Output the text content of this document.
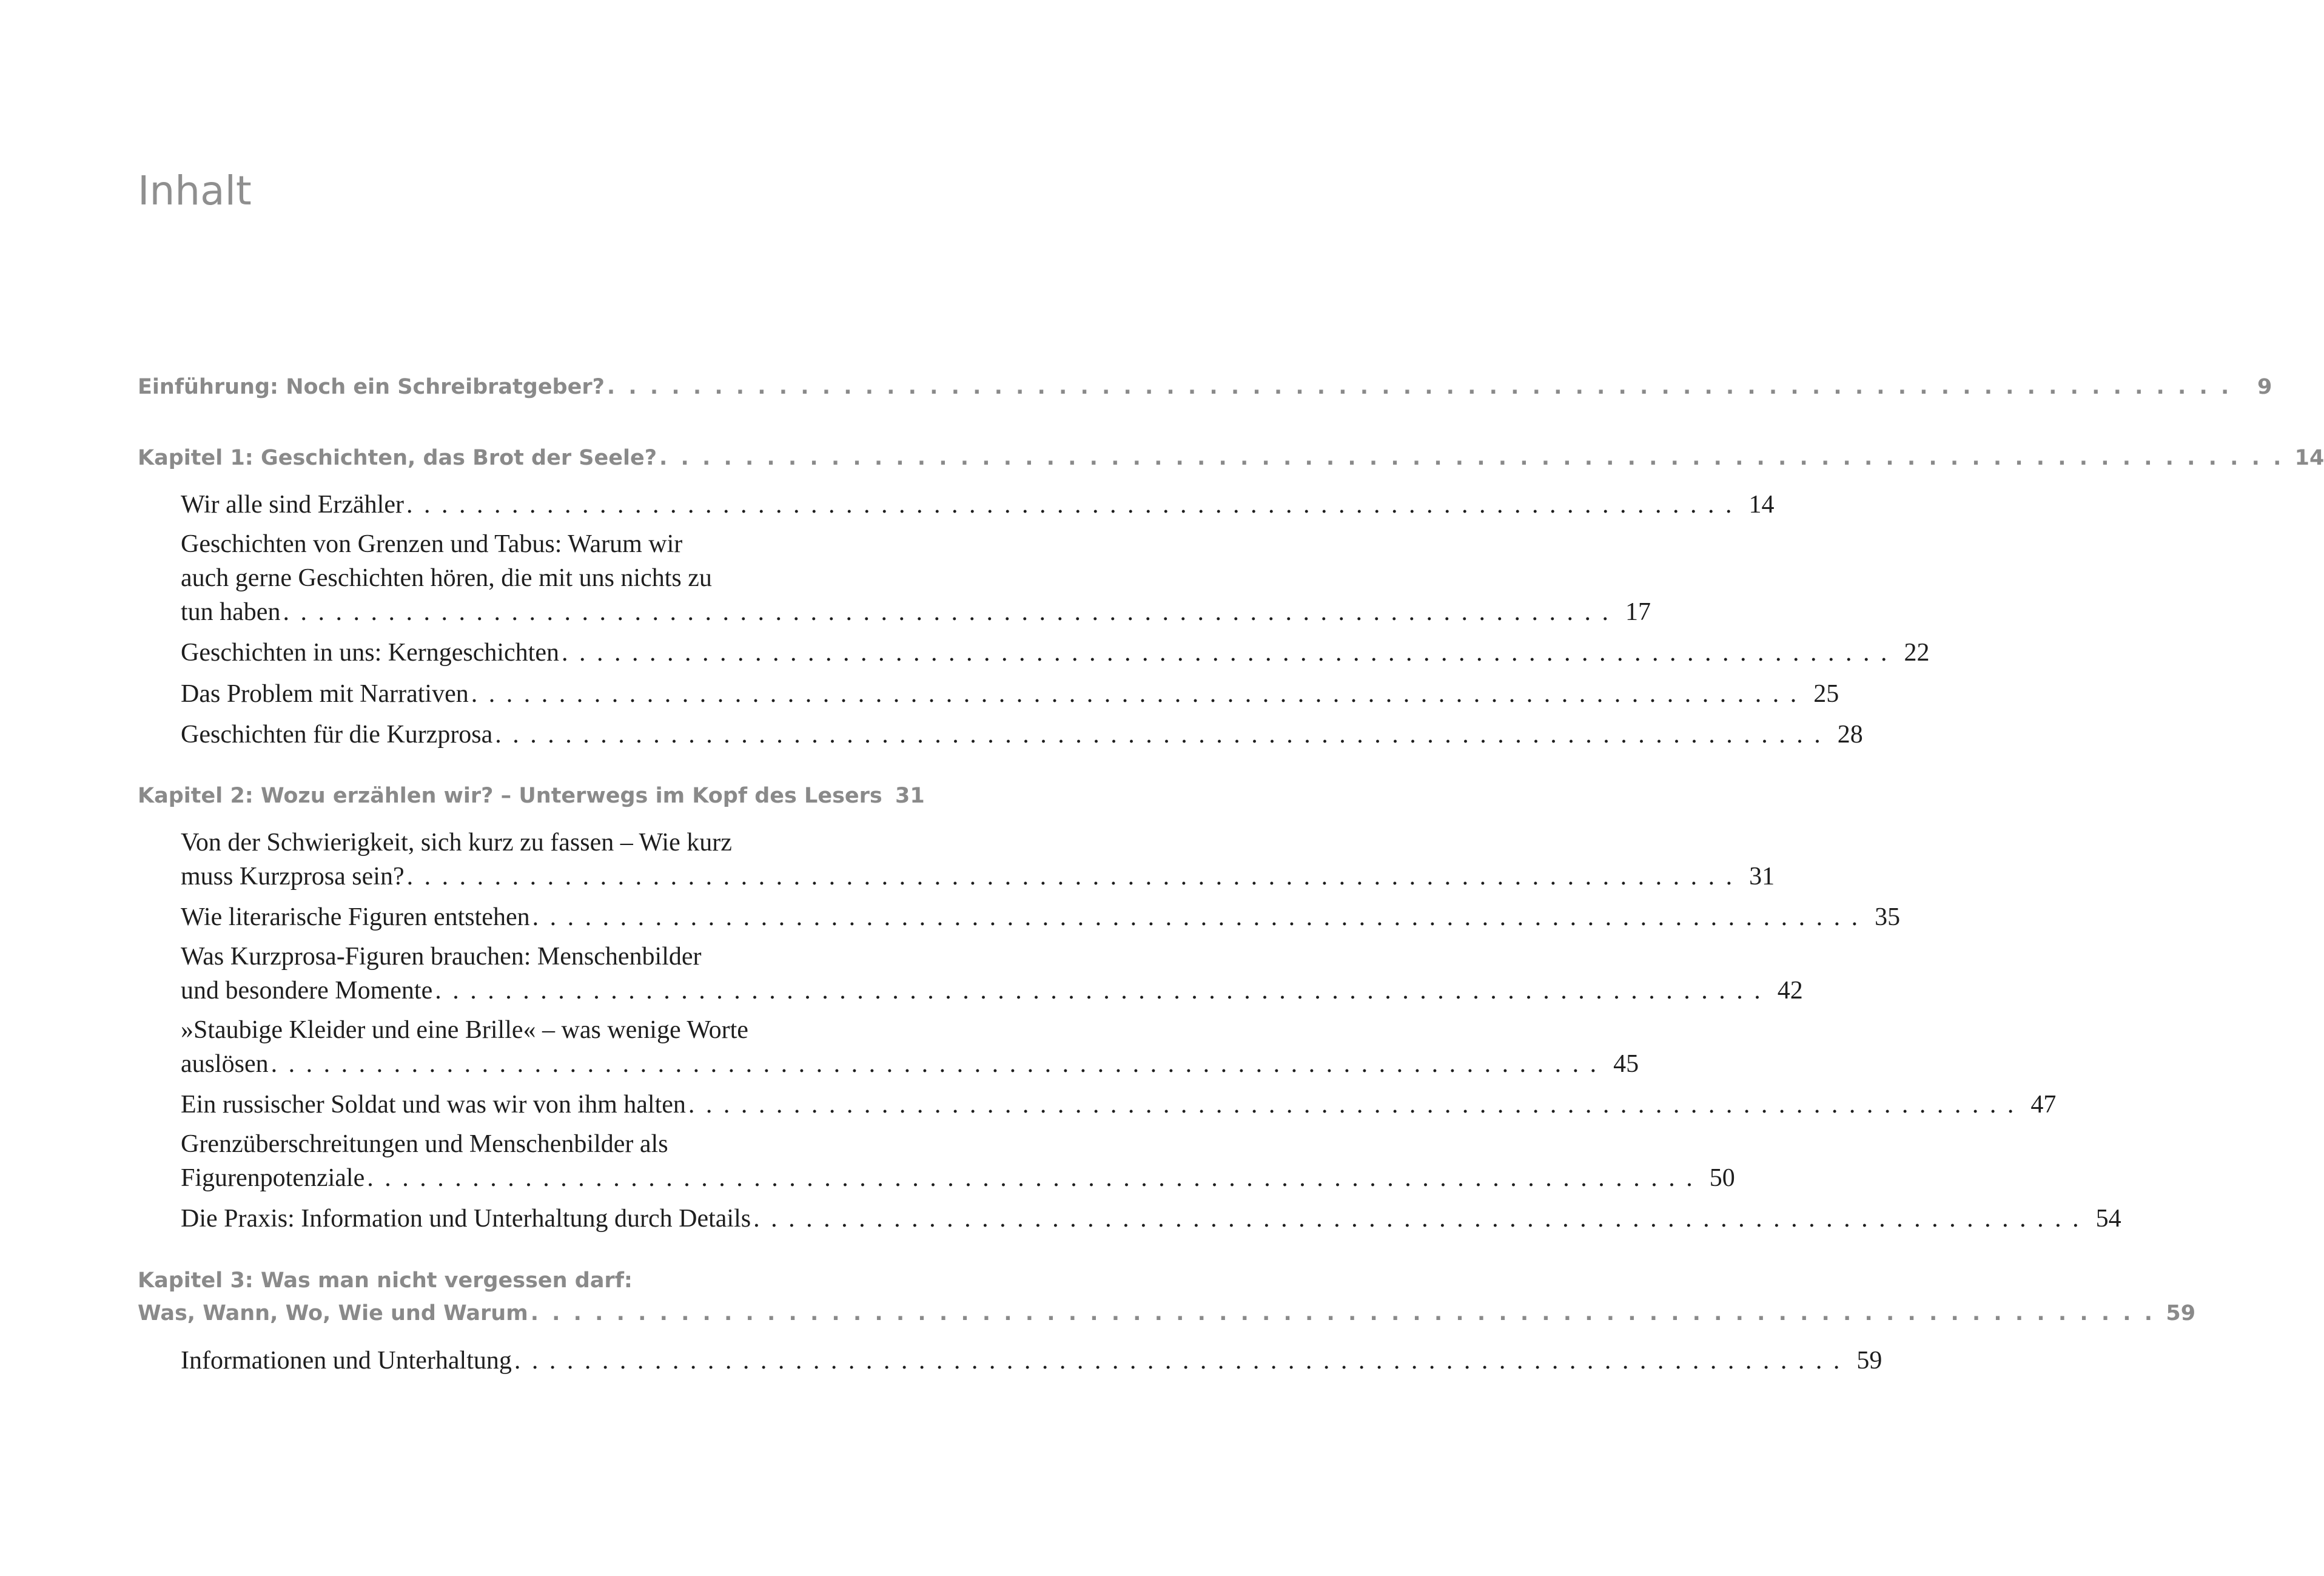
Inhalt
Einführung: Noch ein Schreibratgeber? . . . . . . . . . . . . . . . . . . . . . . . . . . . . . . . . . . . . . . . . . . . . . . . . . . . . . . . . . . . . . . . . . . . . . . . . . . . .	9
Kapitel 1: Geschichten, das Brot der Seele? . . . . . . . . . . . . . . . . . . . . . . . . . . . . . . . . . . . . . . . . . . . . . . . . . . . . . . . . . . . . . . . . . . . . . . . . . . . . 14
Wir alle sind Erzähler . . . . . . . . . . . . . . . . . . . . . . . . . . . . . . . . . . . . . . . . . . . . . . . . . . . . . . . . . . . . . . . . . . . . . . . . . . . . 14
Geschichten von Grenzen und Tabus: Warum wir
auch gerne Geschichten hören, die mit uns nichts zu
tun haben . . . . . . . . . . . . . . . . . . . . . . . . . . . . . . . . . . . . . . . . . . . . . . . . . . . . . . . . . . . . . . . . . . . . . . . . . . . . 17
Geschichten in uns: Kerngeschichten . . . . . . . . . . . . . . . . . . . . . . . . . . . . . . . . . . . . . . . . . . . . . . . . . . . . . . . . . . . . . . . . . . . . . . . . . . . . 22
Das Problem mit Narrativen . . . . . . . . . . . . . . . . . . . . . . . . . . . . . . . . . . . . . . . . . . . . . . . . . . . . . . . . . . . . . . . . . . . . . . . . . . . . 25
Geschichten für die Kurzprosa . . . . . . . . . . . . . . . . . . . . . . . . . . . . . . . . . . . . . . . . . . . . . . . . . . . . . . . . . . . . . . . . . . . . . . . . . . . . 28
Kapitel 2: Wozu erzählen wir? – Unterwegs im Kopf des Lesers 31
Von der Schwierigkeit, sich kurz zu fassen – Wie kurz
muss Kurzprosa sein? . . . . . . . . . . . . . . . . . . . . . . . . . . . . . . . . . . . . . . . . . . . . . . . . . . . . . . . . . . . . . . . . . . . . . . . . . . . . 31
Wie literarische Figuren entstehen . . . . . . . . . . . . . . . . . . . . . . . . . . . . . . . . . . . . . . . . . . . . . . . . . . . . . . . . . . . . . . . . . . . . . . . . . . . . 35
Was Kurzprosa-Figuren brauchen: Menschenbilder
und besondere Momente . . . . . . . . . . . . . . . . . . . . . . . . . . . . . . . . . . . . . . . . . . . . . . . . . . . . . . . . . . . . . . . . . . . . . . . . . . . . 42
»Staubige Kleider und eine Brille« – was wenige Worte
auslösen . . . . . . . . . . . . . . . . . . . . . . . . . . . . . . . . . . . . . . . . . . . . . . . . . . . . . . . . . . . . . . . . . . . . . . . . . . . . 45
Ein russischer Soldat und was wir von ihm halten . . . . . . . . . . . . . . . . . . . . . . . . . . . . . . . . . . . . . . . . . . . . . . . . . . . . . . . . . . . . . . . . . . . . . . . . . . . . 47
Grenzüberschreitungen und Menschenbilder als
Figurenpotenziale . . . . . . . . . . . . . . . . . . . . . . . . . . . . . . . . . . . . . . . . . . . . . . . . . . . . . . . . . . . . . . . . . . . . . . . . . . . . 50
Die Praxis: Information und Unterhaltung durch Details . . . . . . . . . . . . . . . . . . . . . . . . . . . . . . . . . . . . . . . . . . . . . . . . . . . . . . . . . . . . . . . . . . . . . . . . . . . . 54
Kapitel 3: Was man nicht vergessen darf:
Was, Wann, Wo, Wie und Warum . . . . . . . . . . . . . . . . . . . . . . . . . . . . . . . . . . . . . . . . . . . . . . . . . . . . . . . . . . . . . . . . . . . . . . . . . . . . 59
Informationen und Unterhaltung . . . . . . . . . . . . . . . . . . . . . . . . . . . . . . . . . . . . . . . . . . . . . . . . . . . . . . . . . . . . . . . . . . . . . . . . . . . . 59
